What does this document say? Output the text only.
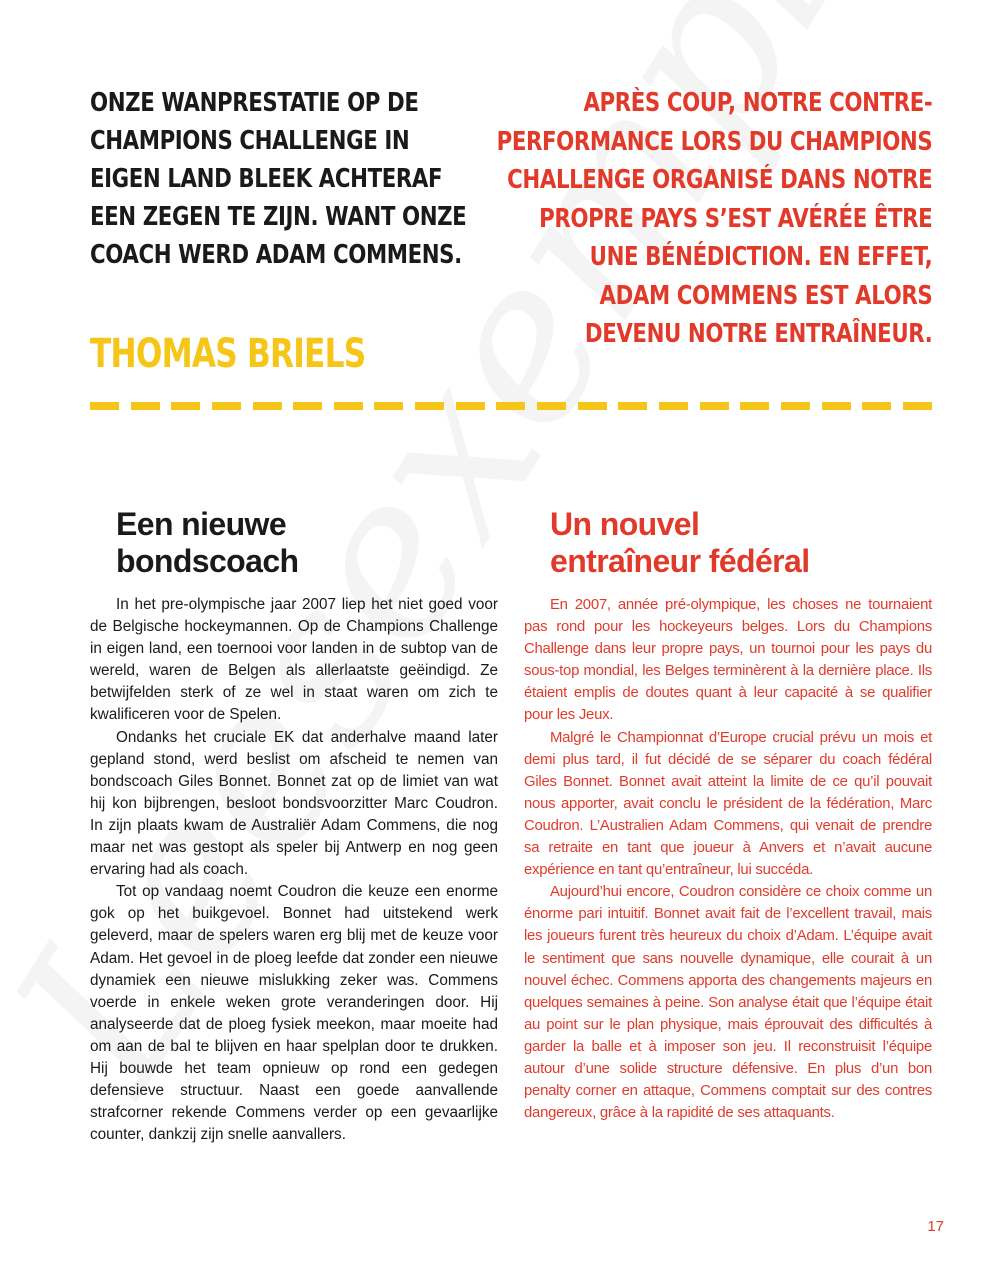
ONZE WANPRESTATIE OP DE
CHAMPIONS CHALLENGE IN
EIGEN LAND BLEEK ACHTERAF
EEN ZEGEN TE ZIJN. WANT ONZE
COACH WERD ADAM COMMENS.
THOMAS BRIELS
APRÈS COUP, NOTRE CONTRE-
PERFORMANCE LORS DU CHAMPIONS
CHALLENGE ORGANISÉ DANS NOTRE
PROPRE PAYS S’EST AVÉRÉE ÊTRE
UNE BÉNÉDICTION. EN EFFET,
ADAM COMMENS EST ALORS
DEVENU NOTRE ENTRAÎNEUR.
Een nieuwe
bondscoach

In het pre-olympische jaar 2007 liep het niet goed voor de Belgische hockeymannen. Op de Champions Challenge in eigen land, een toernooi voor landen in de subtop van de wereld, waren de Belgen als allerlaatste geëindigd. Ze betwijfelden sterk of ze wel in staat waren om zich te kwalificeren voor de Spelen.

Ondanks het cruciale EK dat anderhalve maand later gepland stond, werd beslist om afscheid te nemen van bondscoach Giles Bonnet. Bonnet zat op de limiet van wat hij kon bijbrengen, besloot bondsvoorzitter Marc Coudron. In zijn plaats kwam de Australiër Adam Commens, die nog maar net was gestopt als speler bij Antwerp en nog geen ervaring had als coach.

Tot op vandaag noemt Coudron die keuze een enorme gok op het buikgevoel. Bonnet had uitstekend werk geleverd, maar de spelers waren erg blij met de keuze voor Adam. Het gevoel in de ploeg leefde dat zonder een nieuwe dynamiek een nieuwe mislukking zeker was. Commens voerde in enkele weken grote veranderingen door. Hij analyseerde dat de ploeg fysiek meekon, maar moeite had om aan de bal te blijven en haar spelplan door te drukken. Hij bouwde het team opnieuw op rond een gedegen defensieve structuur. Naast een goede aanvallende strafcorner rekende Commens verder op een gevaarlijke counter, dankzij zijn snelle aanvallers.

Un nouvel
entraîneur fédéral

En 2007, année pré-olympique, les choses ne tournaient pas rond pour les hockeyeurs belges. Lors du Champions Challenge dans leur propre pays, un tournoi pour les pays du sous-top mondial, les Belges terminèrent à la dernière place. Ils étaient emplis de doutes quant à leur capacité à se qualifier pour les Jeux.

Malgré le Championnat d’Europe crucial prévu un mois et demi plus tard, il fut décidé de se séparer du coach fédéral Giles Bonnet. Bonnet avait atteint la limite de ce qu’il pouvait nous apporter, avait conclu le président de la fédération, Marc Coudron. L’Australien Adam Commens, qui venait de prendre sa retraite en tant que joueur à Anvers et n’avait aucune expérience en tant qu’entraîneur, lui succéda.

Aujourd’hui encore, Coudron considère ce choix comme un énorme pari intuitif. Bonnet avait fait de l’excellent travail, mais les joueurs furent très heureux du choix d’Adam. L’équipe avait le sentiment que sans nouvelle dynamique, elle courait à un nouvel échec. Commens apporta des changements majeurs en quelques semaines à peine. Son analyse était que l’équipe était au point sur le plan physique, mais éprouvait des difficultés à garder la balle et à imposer son jeu. Il reconstruisit l’équipe autour d’une solide structure défensive. En plus d’un bon penalty corner en attaque, Commens comptait sur des contres dangereux, grâce à la rapidité de ses attaquants.

17
